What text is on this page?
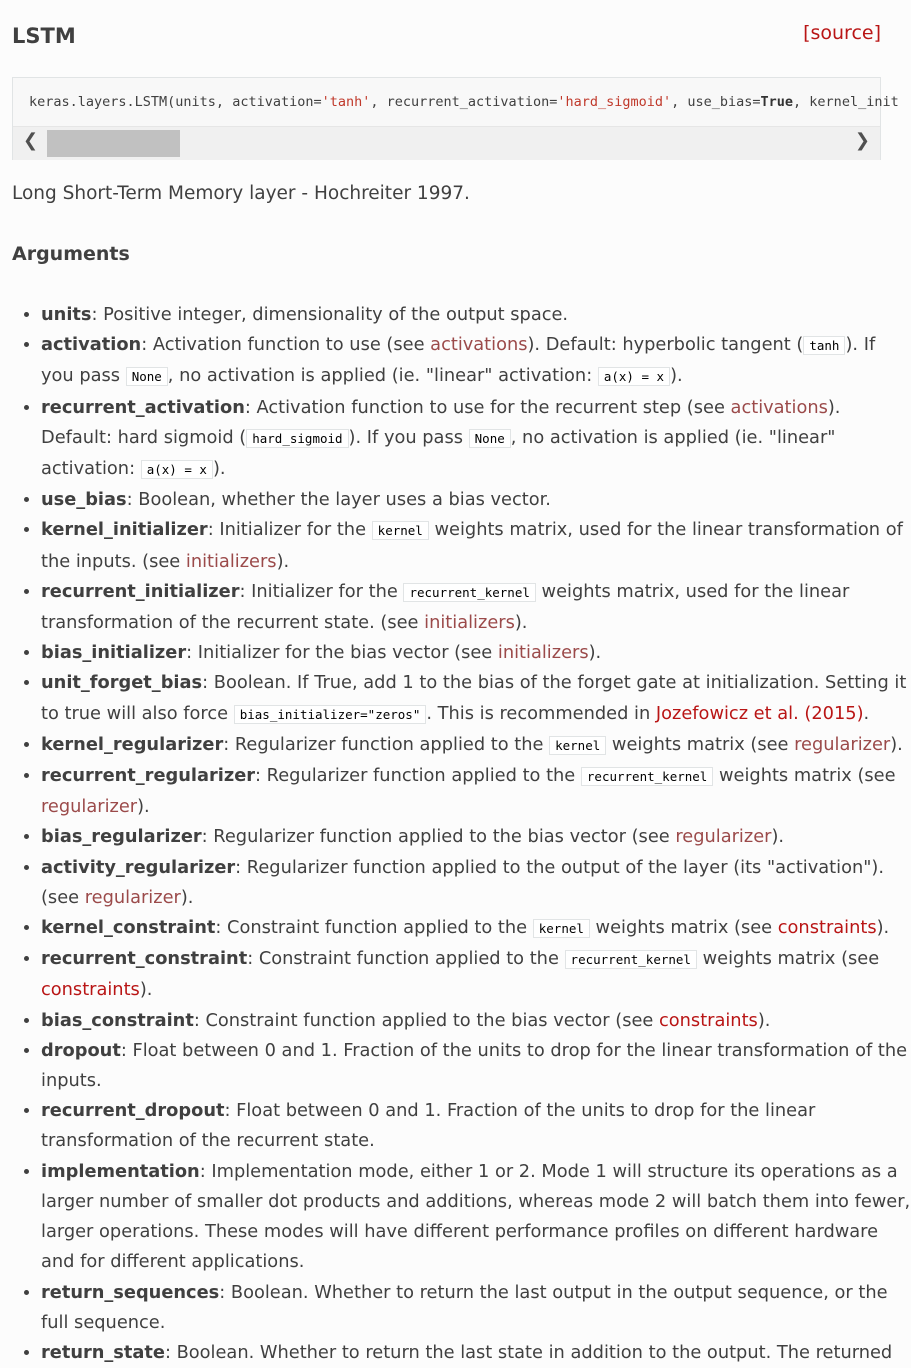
LSTM	[source]
keras.layers.LSTM(units, activation='tanh', recurrent_activation='hard_sigmoid', use_bias=True, kernel_init
❮	❯
Long Short-Term Memory layer - Hochreiter 1997.
Arguments
• units: Positive integer, dimensionality of the output space.
• activation: Activation function to use (see activations). Default: hyperbolic tangent ( tanh ). If you pass None , no activation is applied (ie. "linear" activation: a(x) = x ).
• recurrent_activation: Activation function to use for the recurrent step (see activations). Default: hard sigmoid ( hard_sigmoid ). If you pass None , no activation is applied (ie. "linear" activation: a(x) = x ).
• use_bias: Boolean, whether the layer uses a bias vector.
• kernel_initializer: Initializer for the kernel weights matrix, used for the linear transformation of the inputs. (see initializers).
• recurrent_initializer: Initializer for the recurrent_kernel weights matrix, used for the linear transformation of the recurrent state. (see initializers).
• bias_initializer: Initializer for the bias vector (see initializers).
• unit_forget_bias: Boolean. If True, add 1 to the bias of the forget gate at initialization. Setting it to true will also force bias_initializer="zeros" . This is recommended in Jozefowicz et al. (2015).
• kernel_regularizer: Regularizer function applied to the kernel weights matrix (see regularizer).
• recurrent_regularizer: Regularizer function applied to the recurrent_kernel weights matrix (see regularizer).
• bias_regularizer: Regularizer function applied to the bias vector (see regularizer).
• activity_regularizer: Regularizer function applied to the output of the layer (its "activation"). (see regularizer).
• kernel_constraint: Constraint function applied to the kernel weights matrix (see constraints).
• recurrent_constraint: Constraint function applied to the recurrent_kernel weights matrix (see constraints).
• bias_constraint: Constraint function applied to the bias vector (see constraints).
• dropout: Float between 0 and 1. Fraction of the units to drop for the linear transformation of the inputs.
• recurrent_dropout: Float between 0 and 1. Fraction of the units to drop for the linear transformation of the recurrent state.
• implementation: Implementation mode, either 1 or 2. Mode 1 will structure its operations as a larger number of smaller dot products and additions, whereas mode 2 will batch them into fewer, larger operations. These modes will have different performance profiles on different hardware and for different applications.
• return_sequences: Boolean. Whether to return the last output in the output sequence, or the full sequence.
• return_state: Boolean. Whether to return the last state in addition to the output. The returned
